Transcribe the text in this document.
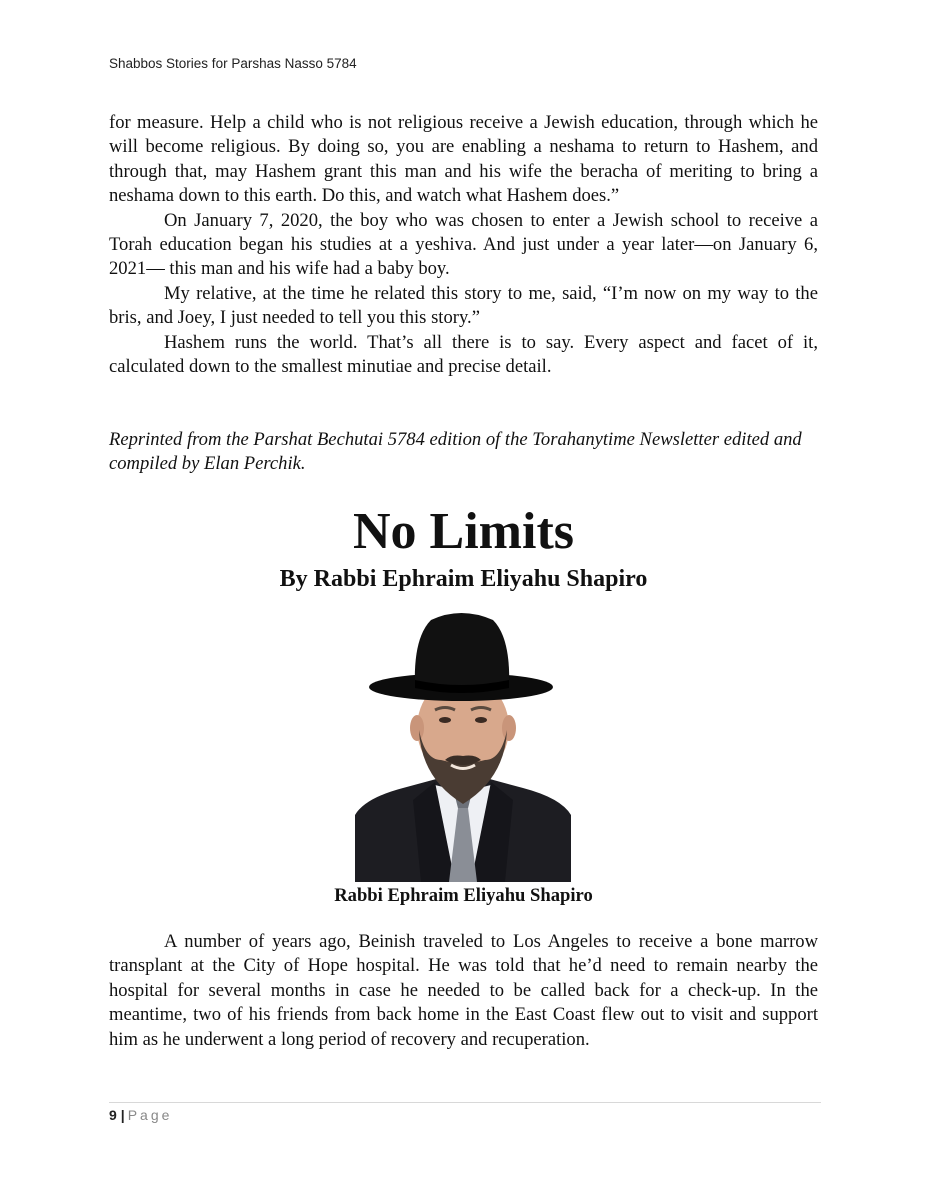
Shabbos Stories for Parshas Nasso 5784

for measure. Help a child who is not religious receive a Jewish education, through which he will become religious. By doing so, you are enabling a neshama to return to Hashem, and through that, may Hashem grant this man and his wife the beracha of meriting to bring a neshama down to this earth. Do this, and watch what Hashem does.”

On January 7, 2020, the boy who was chosen to enter a Jewish school to receive a Torah education began his studies at a yeshiva. And just under a year later—on January 6, 2021— this man and his wife had a baby boy.

My relative, at the time he related this story to me, said, “I’m now on my way to the bris, and Joey, I just needed to tell you this story.”

Hashem runs the world. That’s all there is to say. Every aspect and facet of it, calculated down to the smallest minutiae and precise detail.

Reprinted from the Parshat Bechutai 5784 edition of the Torahanytime Newsletter edited and compiled by Elan Perchik.
No Limits
By Rabbi Ephraim Eliyahu Shapiro
Rabbi Ephraim Eliyahu Shapiro

A number of years ago, Beinish traveled to Los Angeles to receive a bone marrow transplant at the City of Hope hospital. He was told that he’d need to remain nearby the hospital for several months in case he needed to be called back for a check-up. In the meantime, two of his friends from back home in the East Coast flew out to visit and support him as he underwent a long period of recovery and recuperation.

9 | Page
